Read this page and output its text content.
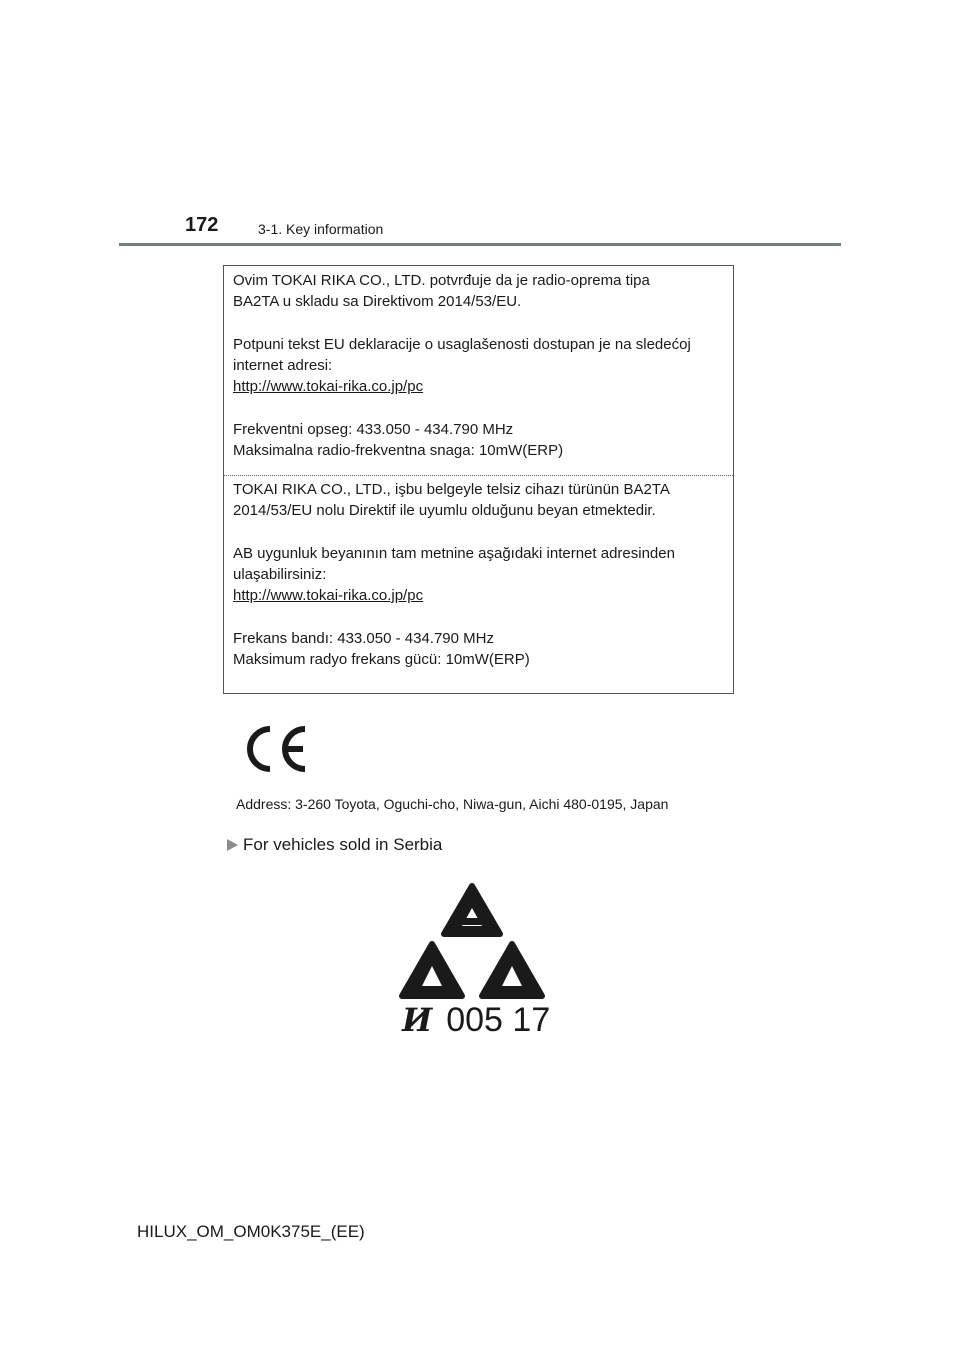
172	3-1. Key information

Ovim TOKAI RIKA CO., LTD. potvrđuje da je radio-oprema tipa

BA2TA u skladu sa Direktivom 2014/53/EU.

Potpuni tekst EU deklaracije o usaglašenosti dostupan je na sledećoj

internet adresi:

http://www.tokai-rika.co.jp/pc

Frekventni opseg: 433.050 - 434.790 MHz

Maksimalna radio-frekventna snaga: 10mW(ERP)

TOKAI RIKA CO., LTD., işbu belgeyle telsiz cihazı türünün BA2TA

2014/53/EU nolu Direktif ile uyumlu olduğunu beyan etmektedir.

AB uygunluk beyanının tam metnine aşağıdaki internet adresinden

ulaşabilirsiniz:

http://www.tokai-rika.co.jp/pc

Frekans bandı: 433.050 - 434.790 MHz

Maksimum radyo frekans gücü: 10mW(ERP)

Address: 3-260 Toyota, Oguchi-cho, Niwa-gun, Aichi 480-0195, Japan
For vehicles sold in Serbia
И 005 17
HILUX_OM_OM0K375E_(EE)
